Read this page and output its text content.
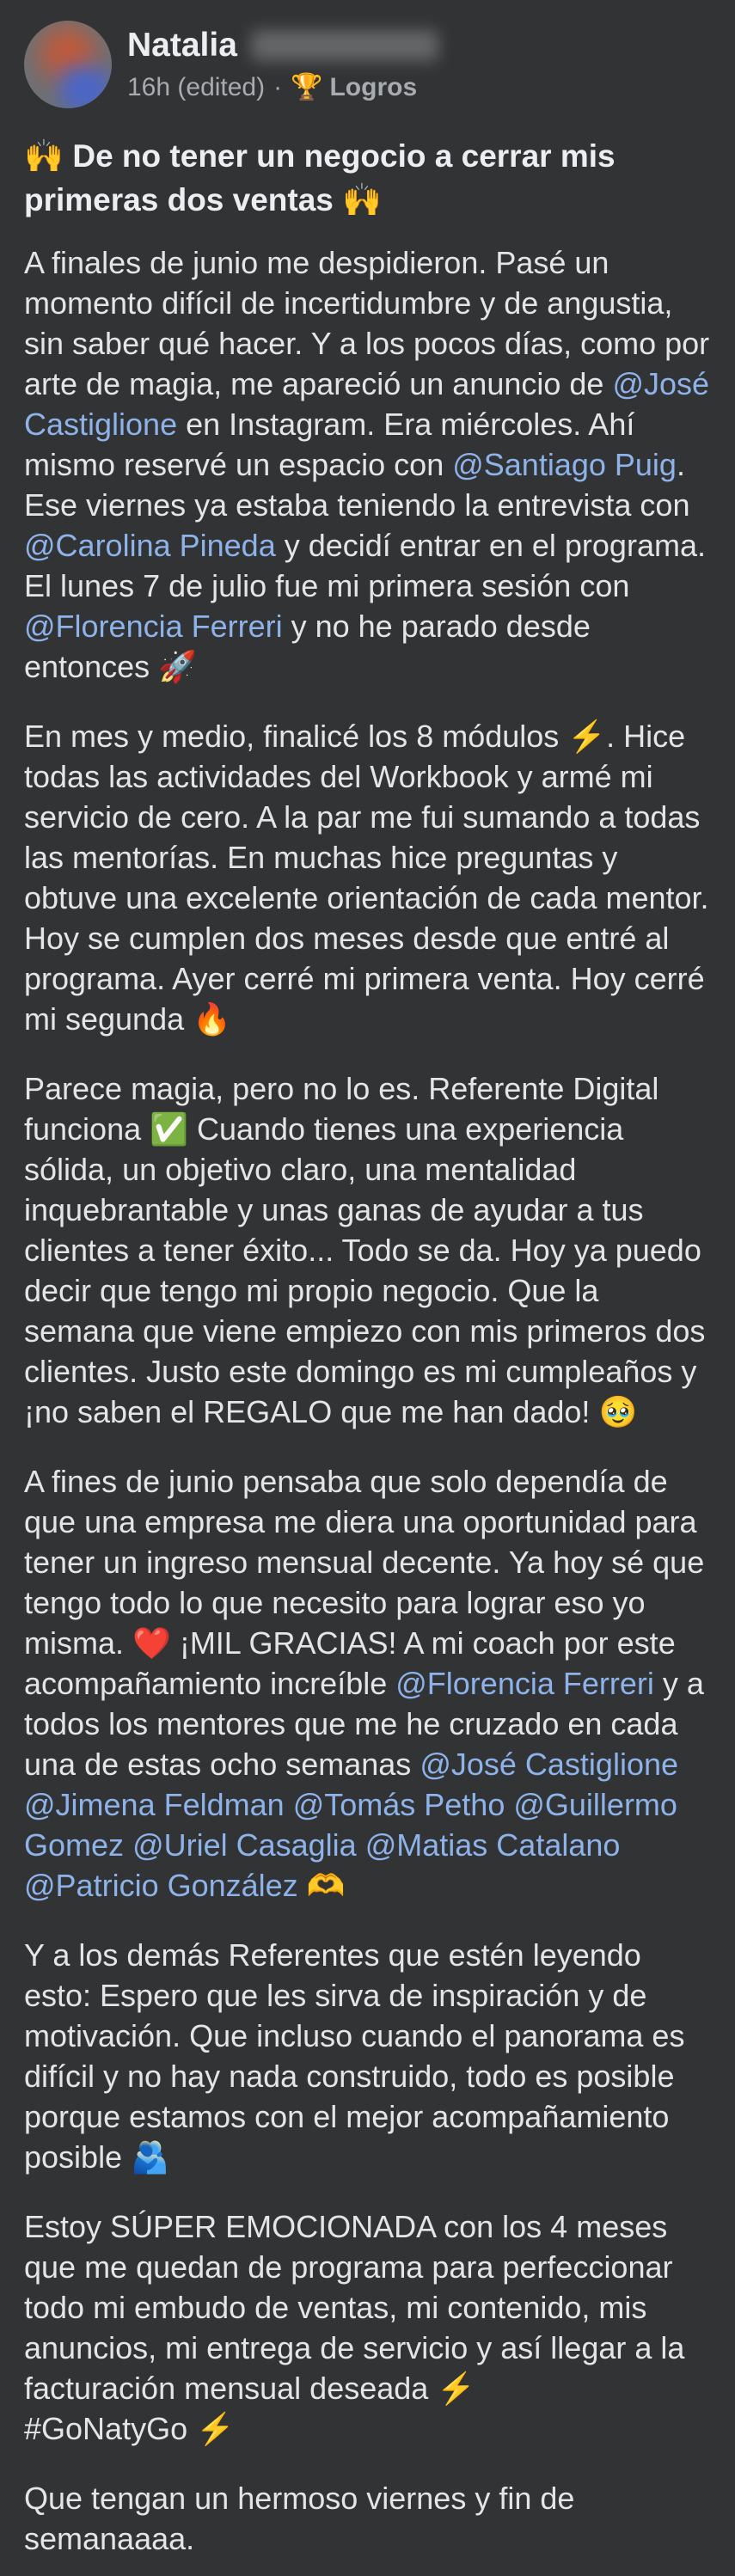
Natalia
16h (edited) · 🏆 Logros
🙌 De no tener un negocio a cerrar mis primeras dos ventas 🙌

A finales de junio me despidieron. Pasé un momento difícil de incertidumbre y de angustia, sin saber qué hacer. Y a los pocos días, como por arte de magia, me apareció un anuncio de @José Castiglione en Instagram. Era miércoles. Ahí mismo reservé un espacio con @Santiago Puig. Ese viernes ya estaba teniendo la entrevista con @Carolina Pineda y decidí entrar en el programa. El lunes 7 de julio fue mi primera sesión con @Florencia Ferreri y no he parado desde entonces 🚀

En mes y medio, finalicé los 8 módulos ⚡. Hice todas las actividades del Workbook y armé mi servicio de cero. A la par me fui sumando a todas las mentorías. En muchas hice preguntas y obtuve una excelente orientación de cada mentor. Hoy se cumplen dos meses desde que entré al programa. Ayer cerré mi primera venta. Hoy cerré mi segunda 🔥

Parece magia, pero no lo es. Referente Digital funciona ✅ Cuando tienes una experiencia sólida, un objetivo claro, una mentalidad inquebrantable y unas ganas de ayudar a tus clientes a tener éxito... Todo se da. Hoy ya puedo decir que tengo mi propio negocio. Que la semana que viene empiezo con mis primeros dos clientes. Justo este domingo es mi cumpleaños y ¡no saben el REGALO que me han dado! 🥹

A fines de junio pensaba que solo dependía de que una empresa me diera una oportunidad para tener un ingreso mensual decente. Ya hoy sé que tengo todo lo que necesito para lograr eso yo misma. ❤️ ¡MIL GRACIAS! A mi coach por este acompañamiento increíble @Florencia Ferreri y a todos los mentores que me he cruzado en cada una de estas ocho semanas @José Castiglione @Jimena Feldman @Tomás Petho @Guillermo Gomez @Uriel Casaglia @Matias Catalano @Patricio González 🫶

Y a los demás Referentes que estén leyendo esto: Espero que les sirva de inspiración y de motivación. Que incluso cuando el panorama es difícil y no hay nada construido, todo es posible porque estamos con el mejor acompañamiento posible 🫂

Estoy SÚPER EMOCIONADA con los 4 meses que me quedan de programa para perfeccionar todo mi embudo de ventas, mi contenido, mis anuncios, mi entrega de servicio y así llegar a la facturación mensual deseada ⚡
#GoNatyGo ⚡

Que tengan un hermoso viernes y fin de semanaaaa.
